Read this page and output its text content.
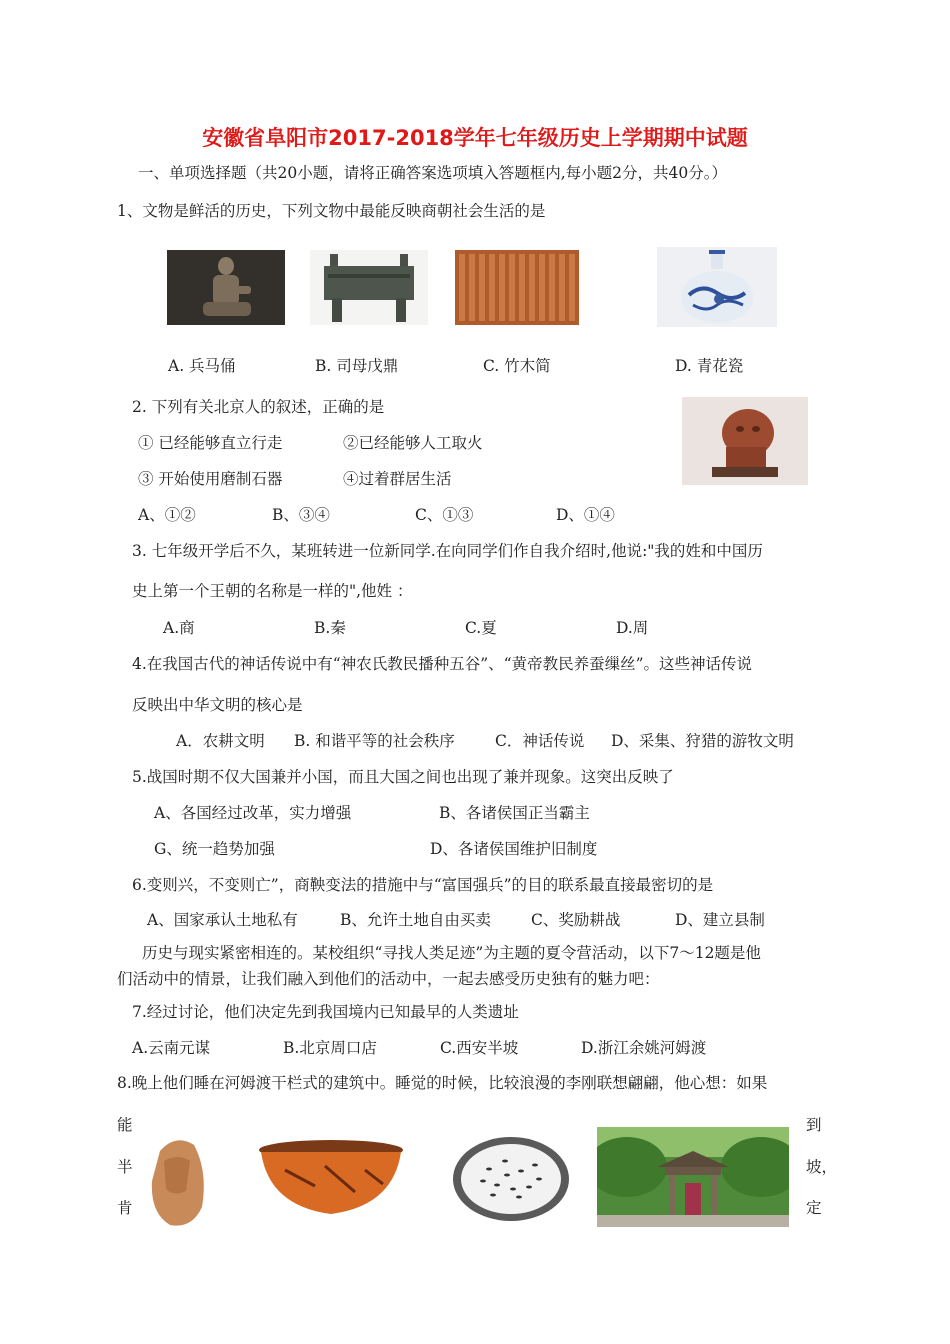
安徽省阜阳市2017-2018学年七年级历史上学期期中试题
一、单项选择题（共20小题，请将正确答案选项填入答题框内,每小题2分，共40分。）
1、文物是鲜活的历史，下列文物中最能反映商朝社会生活的是
A. 兵马俑	B. 司母戊鼎	C. 竹木简	D. 青花瓷
2. 下列有关北京人的叙述，正确的是
① 已经能够直立行走	②已经能够人工取火
③ 开始使用磨制石器	④过着群居生活
A、①②	B、③④	C、①③	D、①④
3. 七年级开学后不久，某班转进一位新同学.在向同学们作自我介绍时,他说:"我的姓和中国历
史上第一个王朝的名称是一样的",他姓 ：
A.商	B.秦	C.夏	D.周
4.在我国古代的神话传说中有“神农氏教民播种五谷”、“黄帝教民养蚕缫丝”。这些神话传说
反映出中华文明的核心是
A．农耕文明 B. 和谐平等的社会秩序	C．神话传说 D、采集、狩猎的游牧文明
5.战国时期不仅大国兼并小国，而且大国之间也出现了兼并现象。这突出反映了
A、各国经过改革，实力增强	B、各诸侯国正当霸主
G、统一趋势加强	D、各诸侯国维护旧制度
6.变则兴，不变则亡”，商鞅变法的措施中与“富国强兵”的目的联系最直接最密切的是
A、国家承认土地私有	B、允许土地自由买卖	C、奖励耕战	D、建立县制
历史与现实紧密相连的。某校组织“寻找人类足迹”为主题的夏令营活动，以下7～12题是他
们活动中的情景，让我们融入到他们的活动中，一起去感受历史独有的魅力吧：
7.经过讨论，他们决定先到我国境内已知最早的人类遗址
A.云南元谋	B.北京周口店	C.西安半坡	D.浙江余姚河姆渡
8.晚上他们睡在河姆渡干栏式的建筑中。睡觉的时候，比较浪漫的李刚联想翩翩，他心想：如果
能
半
肯
到
坡，
定
